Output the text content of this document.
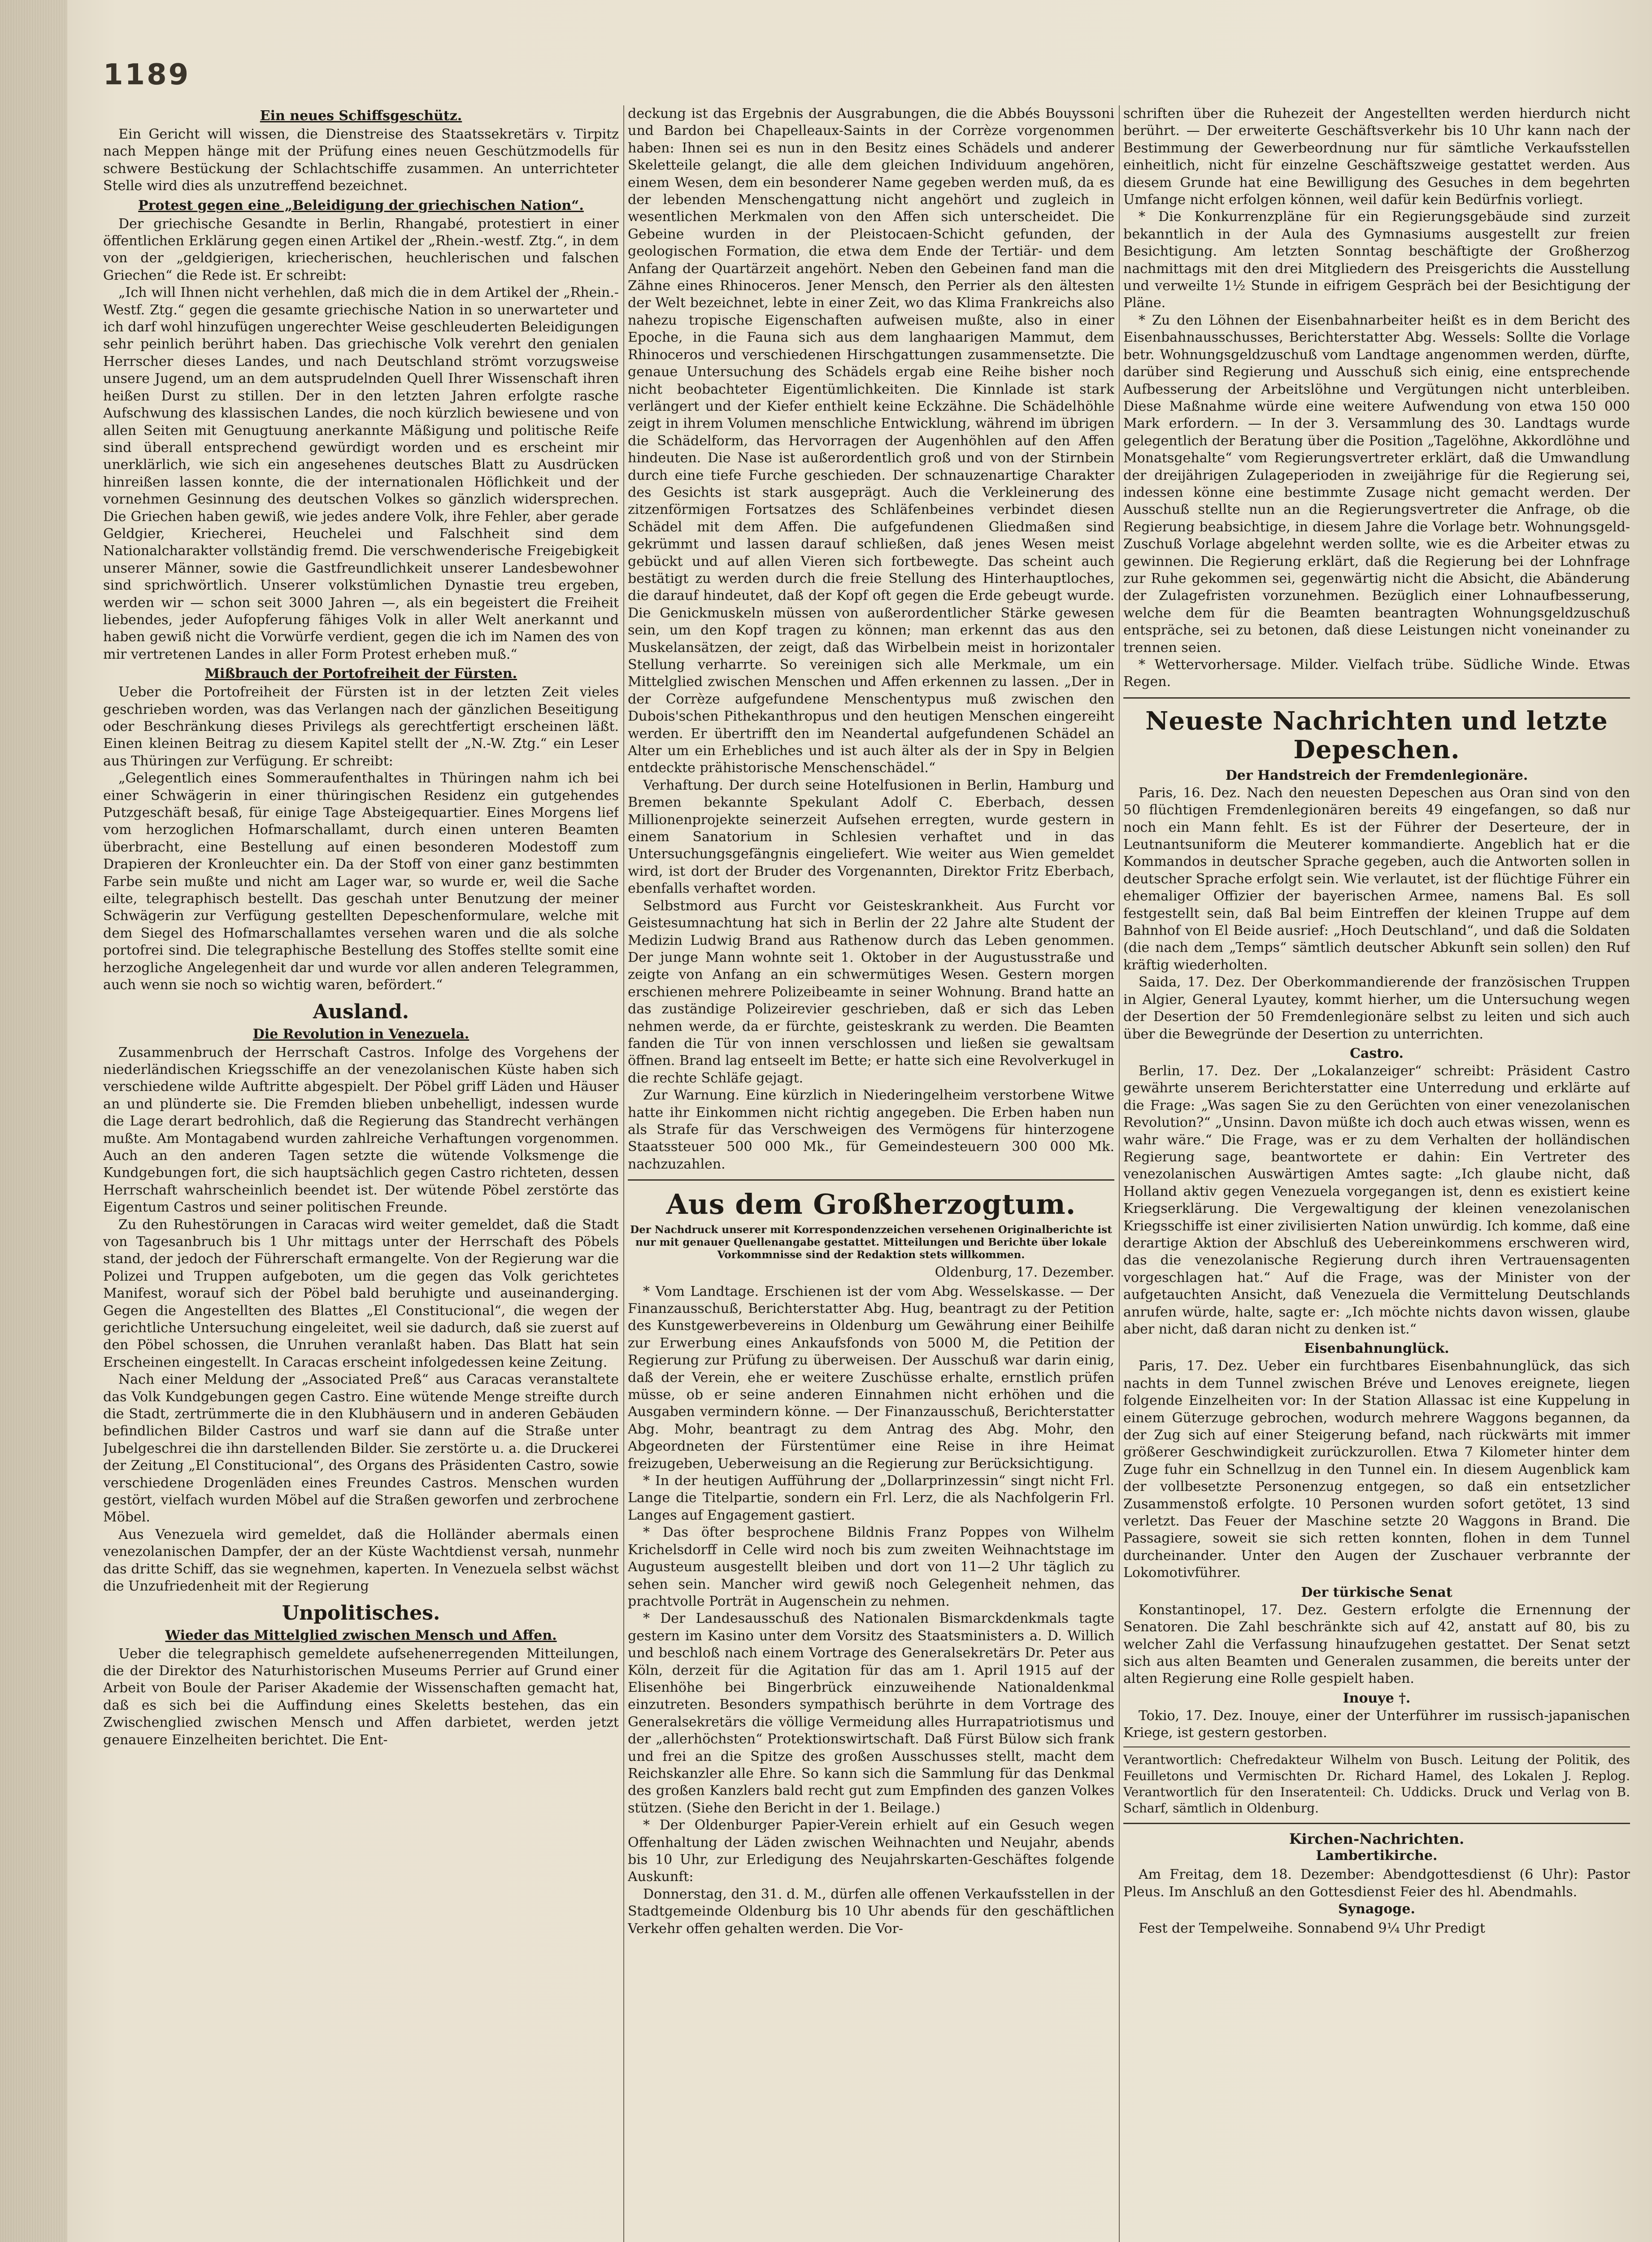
1189
Ein neues Schiffsgeschütz.

Ein Gericht will wissen, die Dienstreise des Staatssekretärs v. Tirpitz nach Meppen hänge mit der Prüfung eines neuen Geschützmodells für schwere Bestückung der Schlachtschiffe zusammen. An unterrichteter Stelle wird dies als unzutreffend bezeichnet.

Protest gegen eine „Beleidigung der griechischen Nation“.

Der griechische Gesandte in Berlin, Rhangabé, protestiert in einer öffentlichen Erklärung gegen einen Artikel der „Rhein.-westf. Ztg.“, in dem von der „geldgierigen, kriecherischen, heuchlerischen und falschen Griechen“ die Rede ist. Er schreibt:

„Ich will Ihnen nicht verhehlen, daß mich die in dem Artikel der „Rhein.-Westf. Ztg.“ gegen die gesamte griechische Nation in so unerwarteter und ich darf wohl hinzufügen ungerechter Weise geschleuderten Beleidigungen sehr peinlich berührt haben. Das griechische Volk verehrt den genialen Herrscher dieses Landes, und nach Deutschland strömt vorzugsweise unsere Jugend, um an dem autsprudelnden Quell Ihrer Wissenschaft ihren heißen Durst zu stillen. Der in den letzten Jahren erfolgte rasche Aufschwung des klassischen Landes, die noch kürzlich bewiesene und von allen Seiten mit Genugtuung anerkannte Mäßigung und politische Reife sind überall entsprechend gewürdigt worden und es erscheint mir unerklärlich, wie sich ein angesehenes deutsches Blatt zu Ausdrücken hinreißen lassen konnte, die der internationalen Höflichkeit und der vornehmen Gesinnung des deutschen Volkes so gänzlich widersprechen. Die Griechen haben gewiß, wie jedes andere Volk, ihre Fehler, aber gerade Geldgier, Kriecherei, Heuchelei und Falschheit sind dem Nationalcharakter vollständig fremd. Die verschwenderische Freigebigkeit unserer Männer, sowie die Gastfreundlichkeit unserer Landesbewohner sind sprichwörtlich. Unserer volkstümlichen Dynastie treu ergeben, werden wir — schon seit 3000 Jahren —, als ein begeistert die Freiheit liebendes, jeder Aufopferung fähiges Volk in aller Welt anerkannt und haben gewiß nicht die Vorwürfe verdient, gegen die ich im Namen des von mir vertretenen Landes in aller Form Protest erheben muß.“

Mißbrauch der Portofreiheit der Fürsten.

Ueber die Portofreiheit der Fürsten ist in der letzten Zeit vieles geschrieben worden, was das Verlangen nach der gänzlichen Beseitigung oder Beschränkung dieses Privilegs als gerechtfertigt erscheinen läßt. Einen kleinen Beitrag zu diesem Kapitel stellt der „N.-W. Ztg.“ ein Leser aus Thüringen zur Verfügung. Er schreibt:

„Gelegentlich eines Sommeraufenthaltes in Thüringen nahm ich bei einer Schwägerin in einer thüringischen Residenz ein gutgehendes Putzgeschäft besaß, für einige Tage Absteigequartier. Eines Morgens lief vom herzoglichen Hofmarschallamt, durch einen unteren Beamten überbracht, eine Bestellung auf einen besonderen Modestoff zum Drapieren der Kronleuchter ein. Da der Stoff von einer ganz bestimmten Farbe sein mußte und nicht am Lager war, so wurde er, weil die Sache eilte, telegraphisch bestellt. Das geschah unter Benutzung der meiner Schwägerin zur Verfügung gestellten Depeschenformulare, welche mit dem Siegel des Hofmarschallamtes versehen waren und die als solche portofrei sind. Die telegraphische Bestellung des Stoffes stellte somit eine herzogliche Angelegenheit dar und wurde vor allen anderen Telegrammen, auch wenn sie noch so wichtig waren, befördert.“

Ausland.
Die Revolution in Venezuela.

Zusammenbruch der Herrschaft Castros. Infolge des Vorgehens der niederländischen Kriegsschiffe an der venezolanischen Küste haben sich verschiedene wilde Auftritte abgespielt. Der Pöbel griff Läden und Häuser an und plünderte sie. Die Fremden blieben unbehelligt, indessen wurde die Lage derart bedrohlich, daß die Regierung das Standrecht verhängen mußte. Am Montagabend wurden zahlreiche Verhaftungen vorgenommen. Auch an den anderen Tagen setzte die wütende Volksmenge die Kundgebungen fort, die sich hauptsächlich gegen Castro richteten, dessen Herrschaft wahrscheinlich beendet ist. Der wütende Pöbel zerstörte das Eigentum Castros und seiner politischen Freunde.

Zu den Ruhestörungen in Caracas wird weiter gemeldet, daß die Stadt von Tagesanbruch bis 1 Uhr mittags unter der Herrschaft des Pöbels stand, der jedoch der Führerschaft ermangelte. Von der Regierung war die Polizei und Truppen aufgeboten, um die gegen das Volk gerichtetes Manifest, worauf sich der Pöbel bald beruhigte und auseinanderging. Gegen die Angestellten des Blattes „El Constitucional“, die wegen der gerichtliche Untersuchung eingeleitet, weil sie dadurch, daß sie zuerst auf den Pöbel schossen, die Unruhen veranlaßt haben. Das Blatt hat sein Erscheinen eingestellt. In Caracas erscheint infolgedessen keine Zeitung.

Nach einer Meldung der „Associated Preß“ aus Caracas veranstaltete das Volk Kundgebungen gegen Castro. Eine wütende Menge streifte durch die Stadt, zertrümmerte die in den Klubhäusern und in anderen Gebäuden befindlichen Bilder Castros und warf sie dann auf die Straße unter Jubelgeschrei die ihn darstellenden Bilder. Sie zerstörte u. a. die Druckerei der Zeitung „El Constitucional“, des Organs des Präsidenten Castro, sowie verschiedene Drogenläden eines Freundes Castros. Menschen wurden gestört, vielfach wurden Möbel auf die Straßen geworfen und zerbrochene Möbel.

Aus Venezuela wird gemeldet, daß die Holländer abermals einen venezolanischen Dampfer, der an der Küste Wachtdienst versah, nunmehr das dritte Schiff, das sie wegnehmen, kaperten. In Venezuela selbst wächst die Unzufriedenheit mit der Regierung

Unpolitisches.
Wieder das Mittelglied zwischen Mensch und Affen.

Ueber die telegraphisch gemeldete aufsehenerregenden Mitteilungen, die der Direktor des Naturhistorischen Museums Perrier auf Grund einer Arbeit von Boule der Pariser Akademie der Wissenschaften gemacht hat, daß es sich bei die Auffindung eines Skeletts bestehen, das ein Zwischenglied zwischen Mensch und Affen darbietet, werden jetzt genauere Einzelheiten berichtet. Die Ent-

deckung ist das Ergebnis der Ausgrabungen, die die Abbés Bouyssoni und Bardon bei Chapelleaux-Saints in der Corrèze vorgenommen haben: Ihnen sei es nun in den Besitz eines Schädels und anderer Skeletteile gelangt, die alle dem gleichen Individuum angehören, einem Wesen, dem ein besonderer Name gegeben werden muß, da es der lebenden Menschengattung nicht angehört und zugleich in wesentlichen Merkmalen von den Affen sich unterscheidet. Die Gebeine wurden in der Pleistocaen-Schicht gefunden, der geologischen Formation, die etwa dem Ende der Tertiär- und dem Anfang der Quartärzeit angehört. Neben den Gebeinen fand man die Zähne eines Rhinoceros. Jener Mensch, den Perrier als den ältesten der Welt bezeichnet, lebte in einer Zeit, wo das Klima Frankreichs also nahezu tropische Eigenschaften aufweisen mußte, also in einer Epoche, in die Fauna sich aus dem langhaarigen Mammut, dem Rhinoceros und verschiedenen Hirschgattungen zusammensetzte. Die genaue Untersuchung des Schädels ergab eine Reihe bisher noch nicht beobachteter Eigentümlichkeiten. Die Kinnlade ist stark verlängert und der Kiefer enthielt keine Eckzähne. Die Schädelhöhle zeigt in ihrem Volumen menschliche Entwicklung, während im übrigen die Schädelform, das Hervorragen der Augenhöhlen auf den Affen hindeuten. Die Nase ist außerordentlich groß und von der Stirnbein durch eine tiefe Furche geschieden. Der schnauzenartige Charakter des Gesichts ist stark ausgeprägt. Auch die Verkleinerung des zitzenförmigen Fortsatzes des Schläfenbeines verbindet diesen Schädel mit dem Affen. Die aufgefundenen Gliedmaßen sind gekrümmt und lassen darauf schließen, daß jenes Wesen meist gebückt und auf allen Vieren sich fortbewegte. Das scheint auch bestätigt zu werden durch die freie Stellung des Hinterhauptloches, die darauf hindeutet, daß der Kopf oft gegen die Erde gebeugt wurde. Die Genickmuskeln müssen von außerordentlicher Stärke gewesen sein, um den Kopf tragen zu können; man erkennt das aus den Muskelansätzen, der zeigt, daß das Wirbelbein meist in horizontaler Stellung verharrte. So vereinigen sich alle Merkmale, um ein Mittelglied zwischen Menschen und Affen erkennen zu lassen. „Der in der Corrèze aufgefundene Menschentypus muß zwischen den Dubois'schen Pithekanthropus und den heutigen Menschen eingereiht werden. Er übertrifft den im Neandertal aufgefundenen Schädel an Alter um ein Erhebliches und ist auch älter als der in Spy in Belgien entdeckte prähistorische Menschenschädel.“

Verhaftung. Der durch seine Hotelfusionen in Berlin, Hamburg und Bremen bekannte Spekulant Adolf C. Eberbach, dessen Millionenprojekte seinerzeit Aufsehen erregten, wurde gestern in einem Sanatorium in Schlesien verhaftet und in das Untersuchungsgefängnis eingeliefert. Wie weiter aus Wien gemeldet wird, ist dort der Bruder des Vorgenannten, Direktor Fritz Eberbach, ebenfalls verhaftet worden.

Selbstmord aus Furcht vor Geisteskrankheit. Aus Furcht vor Geistesumnachtung hat sich in Berlin der 22 Jahre alte Student der Medizin Ludwig Brand aus Rathenow durch das Leben genommen. Der junge Mann wohnte seit 1. Oktober in der Augustusstraße und zeigte von Anfang an ein schwermütiges Wesen. Gestern morgen erschienen mehrere Polizeibeamte in seiner Wohnung. Brand hatte an das zuständige Polizeirevier geschrieben, daß er sich das Leben nehmen werde, da er fürchte, geisteskrank zu werden. Die Beamten fanden die Tür von innen verschlossen und ließen sie gewaltsam öffnen. Brand lag entseelt im Bette; er hatte sich eine Revolverkugel in die rechte Schläfe gejagt.

Zur Warnung. Eine kürzlich in Niederingelheim verstorbene Witwe hatte ihr Einkommen nicht richtig angegeben. Die Erben haben nun als Strafe für das Verschweigen des Vermögens für hinterzogene Staatssteuer 500 000 Mk., für Gemeindesteuern 300 000 Mk. nachzuzahlen.

Aus dem Großherzogtum.
Der Nachdruck unserer mit Korrespondenzzeichen versehenen Originalberichte ist nur mit genauer Quellenangabe gestattet. Mitteilungen und Berichte über lokale Vorkommnisse sind der Redaktion stets willkommen.
Oldenburg, 17. Dezember.

* Vom Landtage. Erschienen ist der vom Abg. Wesselskasse. — Der Finanzausschuß, Berichterstatter Abg. Hug, beantragt zu der Petition des Kunstgewerbevereins in Oldenburg um Gewährung einer Beihilfe zur Erwerbung eines Ankaufsfonds von 5000 M, die Petition der Regierung zur Prüfung zu überweisen. Der Ausschuß war darin einig, daß der Verein, ehe er weitere Zuschüsse erhalte, ernstlich prüfen müsse, ob er seine anderen Einnahmen nicht erhöhen und die Ausgaben vermindern könne. — Der Finanzausschuß, Berichterstatter Abg. Mohr, beantragt zu dem Antrag des Abg. Mohr, den Abgeordneten der Fürstentümer eine Reise in ihre Heimat freizugeben, Ueberweisung an die Regierung zur Berücksichtigung.

* In der heutigen Aufführung der „Dollarprinzessin“ singt nicht Frl. Lange die Titelpartie, sondern ein Frl. Lerz, die als Nachfolgerin Frl. Langes auf Engagement gastiert.

* Das öfter besprochene Bildnis Franz Poppes von Wilhelm Krichelsdorff in Celle wird noch bis zum zweiten Weihnachtstage im Augusteum ausgestellt bleiben und dort von 11—2 Uhr täglich zu sehen sein. Mancher wird gewiß noch Gelegenheit nehmen, das prachtvolle Porträt in Augenschein zu nehmen.

* Der Landesausschuß des Nationalen Bismarckdenkmals tagte gestern im Kasino unter dem Vorsitz des Staatsministers a. D. Willich und beschloß nach einem Vortrage des Generalsekretärs Dr. Peter aus Köln, derzeit für die Agitation für das am 1. April 1915 auf der Elisenhöhe bei Bingerbrück einzuweihende Nationaldenkmal einzutreten. Besonders sympathisch berührte in dem Vortrage des Generalsekretärs die völlige Vermeidung alles Hurrapatriotismus und der „allerhöchsten“ Protektionswirtschaft. Daß Fürst Bülow sich frank und frei an die Spitze des großen Ausschusses stellt, macht dem Reichskanzler alle Ehre. So kann sich die Sammlung für das Denkmal des großen Kanzlers bald recht gut zum Empfinden des ganzen Volkes stützen. (Siehe den Bericht in der 1. Beilage.)

* Der Oldenburger Papier-Verein erhielt auf ein Gesuch wegen Offenhaltung der Läden zwischen Weihnachten und Neujahr, abends bis 10 Uhr, zur Erledigung des Neujahrskarten-Geschäftes folgende Auskunft:

Donnerstag, den 31. d. M., dürfen alle offenen Verkaufsstellen in der Stadtgemeinde Oldenburg bis 10 Uhr abends für den geschäftlichen Verkehr offen gehalten werden. Die Vor-

schriften über die Ruhezeit der Angestellten werden hierdurch nicht berührt. — Der erweiterte Geschäftsverkehr bis 10 Uhr kann nach der Bestimmung der Gewerbeordnung nur für sämtliche Verkaufsstellen einheitlich, nicht für einzelne Geschäftszweige gestattet werden. Aus diesem Grunde hat eine Bewilligung des Gesuches in dem begehrten Umfange nicht erfolgen können, weil dafür kein Bedürfnis vorliegt.

* Die Konkurrenzpläne für ein Regierungsgebäude sind zurzeit bekanntlich in der Aula des Gymnasiums ausgestellt zur freien Besichtigung. Am letzten Sonntag beschäftigte der Großherzog nachmittags mit den drei Mitgliedern des Preisgerichts die Ausstellung und verweilte 1½ Stunde in eifrigem Gespräch bei der Besichtigung der Pläne.

* Zu den Löhnen der Eisenbahnarbeiter heißt es in dem Bericht des Eisenbahnausschusses, Berichterstatter Abg. Wessels: Sollte die Vorlage betr. Wohnungsgeldzuschuß vom Landtage angenommen werden, dürfte, darüber sind Regierung und Ausschuß sich einig, eine entsprechende Aufbesserung der Arbeitslöhne und Vergütungen nicht unterbleiben. Diese Maßnahme würde eine weitere Aufwendung von etwa 150 000 Mark erfordern. — In der 3. Versammlung des 30. Landtags wurde gelegentlich der Beratung über die Position „Tagelöhne, Akkordlöhne und Monatsgehalte“ vom Regierungsvertreter erklärt, daß die Umwandlung der dreijährigen Zulageperioden in zweijährige für die Regierung sei, indessen könne eine bestimmte Zusage nicht gemacht werden. Der Ausschuß stellte nun an die Regierungsvertreter die Anfrage, ob die Regierung beabsichtige, in diesem Jahre die Vorlage betr. Wohnungsgeld-Zuschuß Vorlage abgelehnt werden sollte, wie es die Arbeiter etwas zu gewinnen. Die Regierung erklärt, daß die Regierung bei der Lohnfrage zur Ruhe gekommen sei, gegenwärtig nicht die Absicht, die Abänderung der Zulagefristen vorzunehmen. Bezüglich einer Lohnaufbesserung, welche dem für die Beamten beantragten Wohnungsgeldzuschuß entspräche, sei zu betonen, daß diese Leistungen nicht voneinander zu trennen seien.

* Wettervorhersage. Milder. Vielfach trübe. Südliche Winde. Etwas Regen.

Neueste Nachrichten und letzte Depeschen.
Der Handstreich der Fremdenlegionäre.

Paris, 16. Dez. Nach den neuesten Depeschen aus Oran sind von den 50 flüchtigen Fremdenlegionären bereits 49 eingefangen, so daß nur noch ein Mann fehlt. Es ist der Führer der Deserteure, der in Leutnantsuniform die Meuterer kommandierte. Angeblich hat er die Kommandos in deutscher Sprache gegeben, auch die Antworten sollen in deutscher Sprache erfolgt sein. Wie verlautet, ist der flüchtige Führer ein ehemaliger Offizier der bayerischen Armee, namens Bal. Es soll festgestellt sein, daß Bal beim Eintreffen der kleinen Truppe auf dem Bahnhof von El Beide ausrief: „Hoch Deutschland“, und daß die Soldaten (die nach dem „Temps“ sämtlich deutscher Abkunft sein sollen) den Ruf kräftig wiederholten.

Saida, 17. Dez. Der Oberkommandierende der französischen Truppen in Algier, General Lyautey, kommt hierher, um die Untersuchung wegen der Desertion der 50 Fremdenlegionäre selbst zu leiten und sich auch über die Bewegründe der Desertion zu unterrichten.

Castro.

Berlin, 17. Dez. Der „Lokalanzeiger“ schreibt: Präsident Castro gewährte unserem Berichterstatter eine Unterredung und erklärte auf die Frage: „Was sagen Sie zu den Gerüchten von einer venezolanischen Revolution?“ „Unsinn. Davon müßte ich doch auch etwas wissen, wenn es wahr wäre.“ Die Frage, was er zu dem Verhalten der holländischen Regierung sage, beantwortete er dahin: Ein Vertreter des venezolanischen Auswärtigen Amtes sagte: „Ich glaube nicht, daß Holland aktiv gegen Venezuela vorgegangen ist, denn es existiert keine Kriegserklärung. Die Vergewaltigung der kleinen venezolanischen Kriegsschiffe ist einer zivilisierten Nation unwürdig. Ich komme, daß eine derartige Aktion der Abschluß des Uebereinkommens erschweren wird, das die venezolanische Regierung durch ihren Vertrauensagenten vorgeschlagen hat.“ Auf die Frage, was der Minister von der aufgetauchten Ansicht, daß Venezuela die Vermittelung Deutschlands anrufen würde, halte, sagte er: „Ich möchte nichts davon wissen, glaube aber nicht, daß daran nicht zu denken ist.“

Eisenbahnunglück.

Paris, 17. Dez. Ueber ein furchtbares Eisenbahnunglück, das sich nachts in dem Tunnel zwischen Bréve und Lenoves ereignete, liegen folgende Einzelheiten vor: In der Station Allassac ist eine Kuppelung in einem Güterzuge gebrochen, wodurch mehrere Waggons begannen, da der Zug sich auf einer Steigerung befand, nach rückwärts mit immer größerer Geschwindigkeit zurückzurollen. Etwa 7 Kilometer hinter dem Zuge fuhr ein Schnellzug in den Tunnel ein. In diesem Augenblick kam der vollbesetzte Personenzug entgegen, so daß ein entsetzlicher Zusammenstoß erfolgte. 10 Personen wurden sofort getötet, 13 sind verletzt. Das Feuer der Maschine setzte 20 Waggons in Brand. Die Passagiere, soweit sie sich retten konnten, flohen in dem Tunnel durcheinander. Unter den Augen der Zuschauer verbrannte der Lokomotivführer.

Der türkische Senat

Konstantinopel, 17. Dez. Gestern erfolgte die Ernennung der Senatoren. Die Zahl beschränkte sich auf 42, anstatt auf 80, bis zu welcher Zahl die Verfassung hinaufzugehen gestattet. Der Senat setzt sich aus alten Beamten und Generalen zusammen, die bereits unter der alten Regierung eine Rolle gespielt haben.

Inouye †.

Tokio, 17. Dez. Inouye, einer der Unterführer im russisch-japanischen Kriege, ist gestern gestorben.

Verantwortlich: Chefredakteur Wilhelm von Busch. Leitung der Politik, des Feuilletons und Vermischten Dr. Richard Hamel, des Lokalen J. Replog. Verantwortlich für den Inseratenteil: Ch. Uddicks. Druck und Verlag von B. Scharf, sämtlich in Oldenburg.

Kirchen-Nachrichten.
Lambertikirche.

Am Freitag, dem 18. Dezember: Abendgottesdienst (6 Uhr): Pastor Pleus. Im Anschluß an den Gottesdienst Feier des hl. Abendmahls.

Synagoge.

Fest der Tempelweihe. Sonnabend 9¼ Uhr Predigt
